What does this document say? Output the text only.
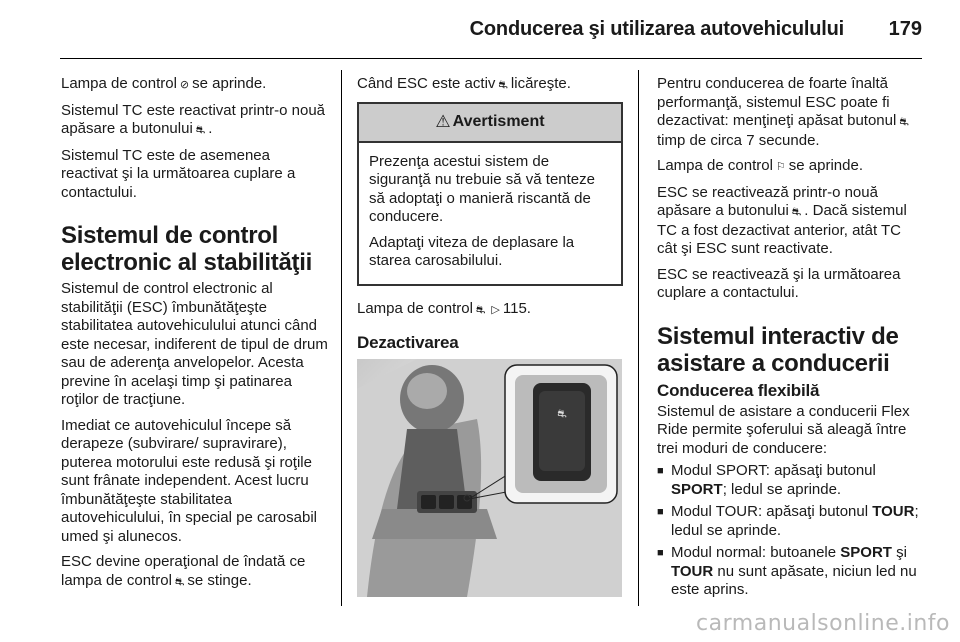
Conducerea şi utilizarea autovehiculului 179

Lampa de control ⊘ se aprinde.

Sistemul TC este reactivat printr-o nouă apăsare a butonului ⛐ .

Sistemul TC este de asemenea reactivat şi la următoarea cuplare a contactului.

Sistemul de control electronic al stabilităţii

Sistemul de control electronic al stabilităţii (ESC) îmbunătăţeşte stabilitatea autovehiculului atunci când este necesar, indiferent de tipul de drum sau de aderenţa anvelopelor. Acesta previne în acelaşi timp şi patinarea roţilor de tracţiune.

Imediat ce autovehiculul începe să derapeze (subvirare/ supravirare), puterea motorului este redusă şi roţile sunt frânate independent. Acest lucru îmbunătăţeşte stabilitatea autovehiculului, în special pe carosabil umed şi alunecos.

ESC devine operaţional de îndată ce lampa de control ⛐ se stinge.

Când ESC este activ ⛐ licăreşte.

⚠ Avertisment

Prezenţa acestui sistem de siguranţă nu trebuie să vă tenteze să adoptaţi o manieră riscantă de conducere.

Adaptaţi viteza de deplasare la starea carosabilului.

Lampa de control ⛐ ▷ 115.

Dezactivarea
⛐

Pentru conducerea de foarte înaltă performanţă, sistemul ESC poate fi dezactivat: menţineţi apăsat butonul ⛐timp de circa 7 secunde.

Lampa de control ⚐ se aprinde.

ESC se reactivează printr-o nouă apăsare a butonului ⛐ . Dacă sistemul TC a fost dezactivat anterior, atât TC cât şi ESC sunt reactivate.

ESC se reactivează şi la următoarea cuplare a contactului.

Sistemul interactiv de asistare a conducerii
Conducerea flexibilă

Sistemul de asistare a conducerii Flex Ride permite şoferului să aleagă între trei moduri de conducere:

■ Modul SPORT: apăsaţi butonul SPORT; ledul se aprinde.
■ Modul TOUR: apăsaţi butonul TOUR; ledul se aprinde.
■ Modul normal: butoanele SPORT şi TOUR nu sunt apăsate, niciun led nu este aprins.
carmanualsonline.info
